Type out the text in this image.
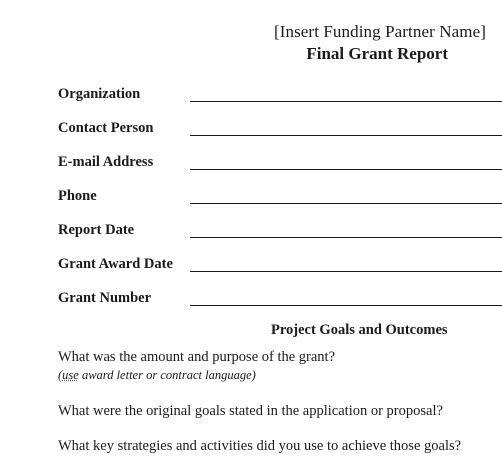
[Insert Funding Partner Name]
Final Grant Report
Organization
Contact Person
E-mail Address
Phone
Report Date
Grant Award Date
Grant Number
Project Goals and Outcomes
What was the amount and purpose of the grant?
(use award letter or contract language)
What were the original goals stated in the application or proposal?
What key strategies and activities did you use to achieve those goals?
